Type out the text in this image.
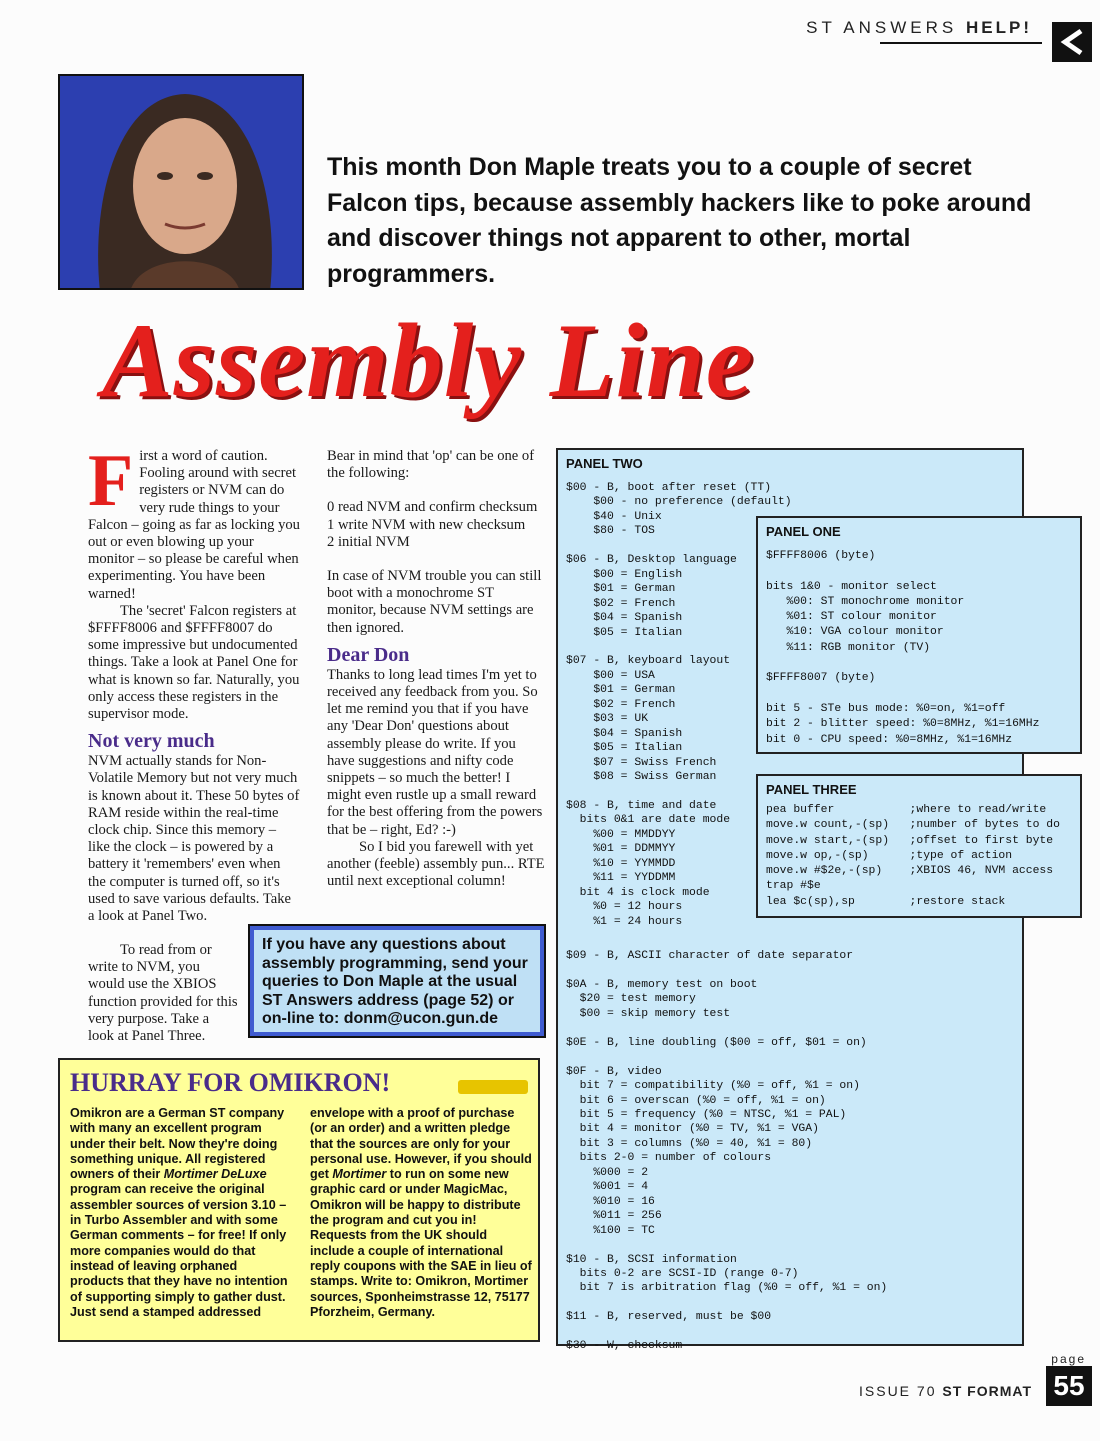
ST ANSWERS HELP!
This month Don Maple treats you to a couple of secret Falcon tips, because assembly hackers like to poke around and discover things not apparent to other, mortal programmers.
Assembly Line

First a word of caution. Fooling around with secret registers or NVM can do very rude things to your Falcon – going as far as locking you out or even blowing up your monitor – so please be careful when experimenting. You have been warned!

The 'secret' Falcon registers at $FFFF8006 and $FFFF8007 do some impressive but undocumented things. Take a look at Panel One for what is known so far. Naturally, you only access these registers in the supervisor mode.

Not very much

NVM actually stands for Non-Volatile Memory but not very much is known about it. These 50 bytes of RAM reside within the real-time clock chip. Since this memory – like the clock – is powered by a battery it 'remembers' even when the computer is turned off, so it's used to save various defaults. Take a look at Panel Two.

To read from or write to NVM, you would use the XBIOS function provided for this very purpose. Take a look at Panel Three.

Bear in mind that 'op' can be one of the following:

0 read NVM and confirm checksum

1 write NVM with new checksum

2 initial NVM

In case of NVM trouble you can still boot with a monochrome ST monitor, because NVM settings are then ignored.

Dear Don

Thanks to long lead times I'm yet to received any feedback from you. So let me remind you that if you have any 'Dear Don' questions about assembly please do write. If you have suggestions and nifty code snippets – so much the better! I might even rustle up a small reward for the best offering from the powers that be – right, Ed? :-)

So I bid you farewell with yet another (feeble) assembly pun... RTE until next exceptional column!

If you have any questions about assembly programming, send your queries to Don Maple at the usual ST Answers address (page 52) or on-line to: donm@ucon.gun.de
HURRAY FOR OMIKRON!
Omikron are a German ST company with many an excellent program under their belt. Now they're doing something unique. All registered owners of their Mortimer DeLuxe program can receive the original assembler sources of version 3.10 – in Turbo Assembler and with some German comments – for free! If only more companies would do that instead of leaving orphaned products that they have no intention of supporting simply to gather dust. Just send a stamped addressed
envelope with a proof of purchase (or an order) and a written pledge that the sources are only for your personal use. However, if you should get Mortimer to run on some new graphic card or under MagicMac, Omikron will be happy to distribute the program and cut you in! Requests from the UK should include a couple of international reply coupons with the SAE in lieu of stamps. Write to: Omikron, Mortimer sources, Sponheimstrasse 12, 75177 Pforzheim, Germany.
PANEL TWO
$00 - B, boot after reset (TT)
$00 - no preference (default)
$40 - Unix
$80 - TOS

$06 - B, Desktop language
$00 = English
$01 = German
$02 = French
$04 = Spanish
$05 = Italian

$07 - B, keyboard layout
$00 = USA
$01 = German
$02 = French
$03 = UK
$04 = Spanish
$05 = Italian
$07 = Swiss French
$08 = Swiss German

$08 - B, time and date
bits 0&1 are date mode
%00 = MMDDYY
%01 = DDMMYY
%10 = YYMMDD
%11 = YYDDMM
bit 4 is clock mode
%0 = 12 hours
%1 = 24 hours
$09 - B, ASCII character of date separator

$0A - B, memory test on boot
$20 = test memory
$00 = skip memory test

$0E - B, line doubling ($00 = off, $01 = on)

$0F - B, video
bit 7 = compatibility (%0 = off, %1 = on)
bit 6 = overscan (%0 = off, %1 = on)
bit 5 = frequency (%0 = NTSC, %1 = PAL)
bit 4 = monitor (%0 = TV, %1 = VGA)
bit 3 = columns (%0 = 40, %1 = 80)
bits 2-0 = number of colours
%000 = 2
%001 = 4
%010 = 16
%011 = 256
%100 = TC

$10 - B, SCSI information
bits 0-2 are SCSI-ID (range 0-7)
bit 7 is arbitration flag (%0 = off, %1 = on)

$11 - B, reserved, must be $00

$30 - W, checksum
PANEL ONE
$FFFF8006 (byte)

bits 1&0 - monitor select
%00: ST monochrome monitor
%01: ST colour monitor
%10: VGA colour monitor
%11: RGB monitor (TV)

$FFFF8007 (byte)

bit 5 - STe bus mode: %0=on, %1=off
bit 2 - blitter speed: %0=8MHz, %1=16MHz
bit 0 - CPU speed: %0=8MHz, %1=16MHz
PANEL THREE
pea buffer           ;where to read/write
move.w count,-(sp)   ;number of bytes to do
move.w start,-(sp)   ;offset to first byte
move.w op,-(sp)      ;type of action
move.w #$2e,-(sp)    ;XBIOS 46, NVM access
trap #$e
lea $c(sp),sp        ;restore stack
ISSUE 70 ST FORMAT
page
55
